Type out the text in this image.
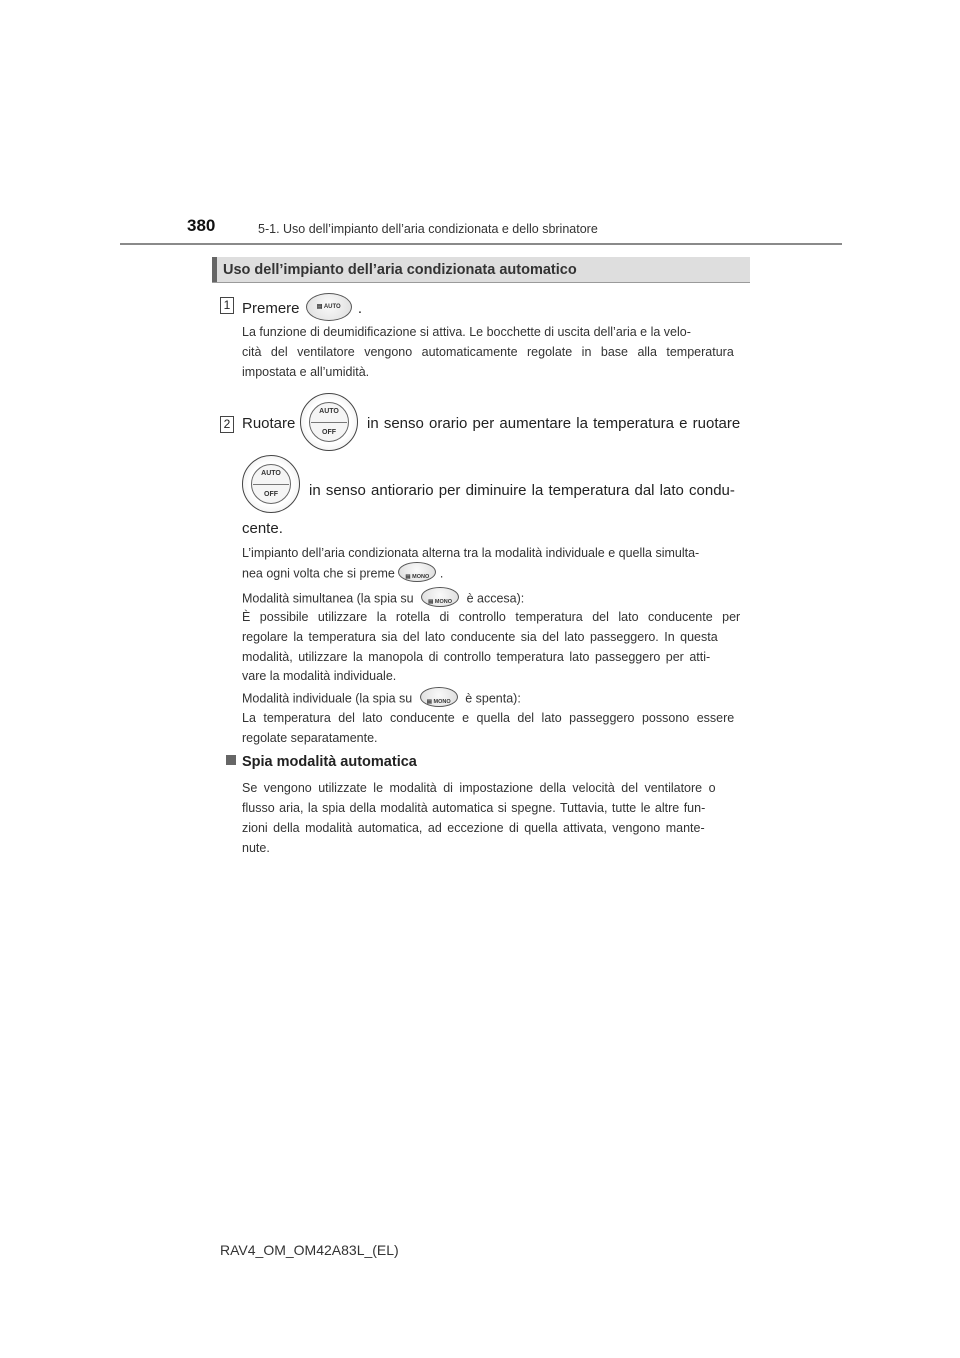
380	5-1. Uso dell’impianto dell’aria condizionata e dello sbrinatore
Uso dell’impianto dell’aria condizionata automatico
1 Premere	▤ AUTO	.
La funzione di deumidificazione si attiva. Le bocchette di uscita dell’aria e la velo-
cità del ventilatore vengono automaticamente regolate in base alla temperatura
impostata e all’umidità.
2 Ruotare
AUTO
OFF
in senso orario per aumentare la temperatura e ruotare
AUTO
OFF	in senso antiorario per diminuire la temperatura dal lato condu-
cente.
L’impianto dell’aria condizionata alterna tra la modalità individuale e quella simulta-
nea ogni volta che si preme	▤ MONO .
Modalità simultanea (la spia su	▤ MONO	è accesa):
È possibile utilizzare la rotella di controllo temperatura del lato conducente per
regolare la temperatura sia del lato conducente sia del lato passeggero. In questa
modalità, utilizzare la manopola di controllo temperatura lato passeggero per atti-
vare la modalità individuale.
Modalità individuale (la spia su	▤ MONO	è spenta):
La temperatura del lato conducente e quella del lato passeggero possono essere
regolate separatamente.
Spia modalità automatica
Se vengono utilizzate le modalità di impostazione della velocità del ventilatore o
flusso aria, la spia della modalità automatica si spegne. Tuttavia, tutte le altre fun-
zioni della modalità automatica, ad eccezione di quella attivata, vengono mante-
nute.
RAV4_OM_OM42A83L_(EL)
